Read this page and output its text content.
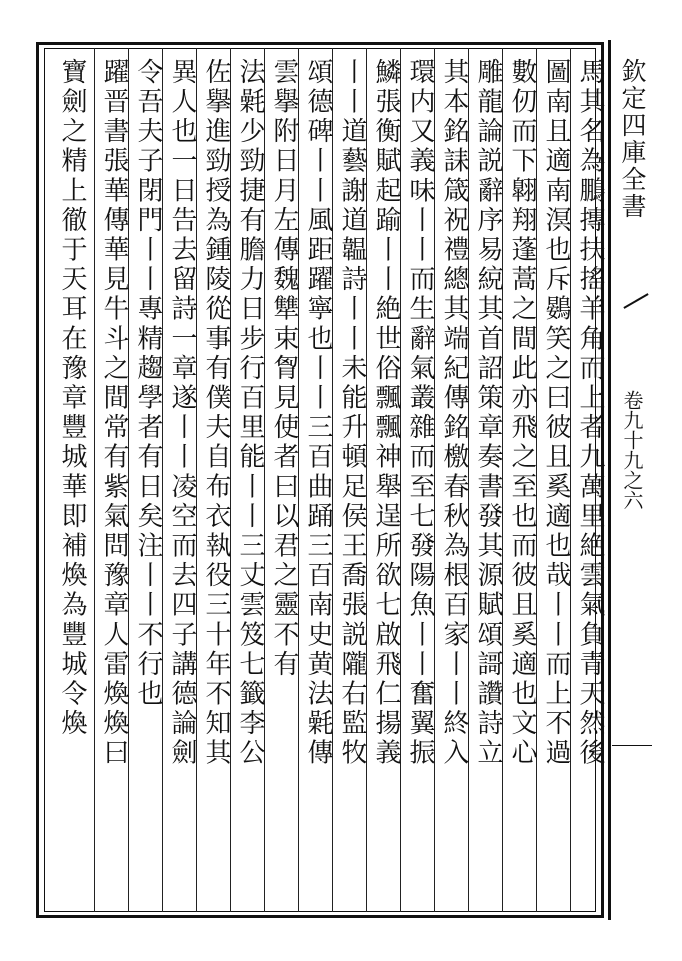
馬其名為鵬摶扶搖羊角而上者九萬里絶雲氣負青天然後
圖南且適南溟也斥鷃笑之曰彼且奚適也哉丨丨而上不過
數仞而下翺翔蓬蒿之間此亦飛之至也而彼且奚適也文心
雕龍論説辭序易綂其首詔策章奏書發其源賦頌謌讚詩立
其本銘誄箴祝禮總其端紀傳銘檄春秋為根百家丨丨終入
環内又義味丨丨而生辭氣叢雜而至七發陽魚丨丨奮翼振
鱗張衡賦起踰丨丨絶世俗飄飄神舉逞所欲七啟飛仁揚義
丨丨道藝謝道韞詩丨丨未能升頓足侯王喬張説隴右監牧
頌德碑丨丨風距躍寧也丨丨三百曲踊三百南史黄法氉傳
雲擧附日月左傳魏犨束胷見使者曰以君之靈不有
法氉少勁捷有膽力日步行百里能丨丨三丈雲笈七籤李公
佐擧進勁授為鍾陵從事有僕夫自布衣執役三十年不知其
異人也一日告去留詩一章遂丨丨凌空而去四子講德論劍
令吾夫子閉門丨丨專精趨學者有日矣注丨丨不行也
躍晋書張華傳華見牛斗之間常有紫氣問豫章人雷煥煥曰
寶劍之精上徹于天耳在豫章豐城華即補煥為豐城令煥	欽定四庫全書
卷九十九之六
